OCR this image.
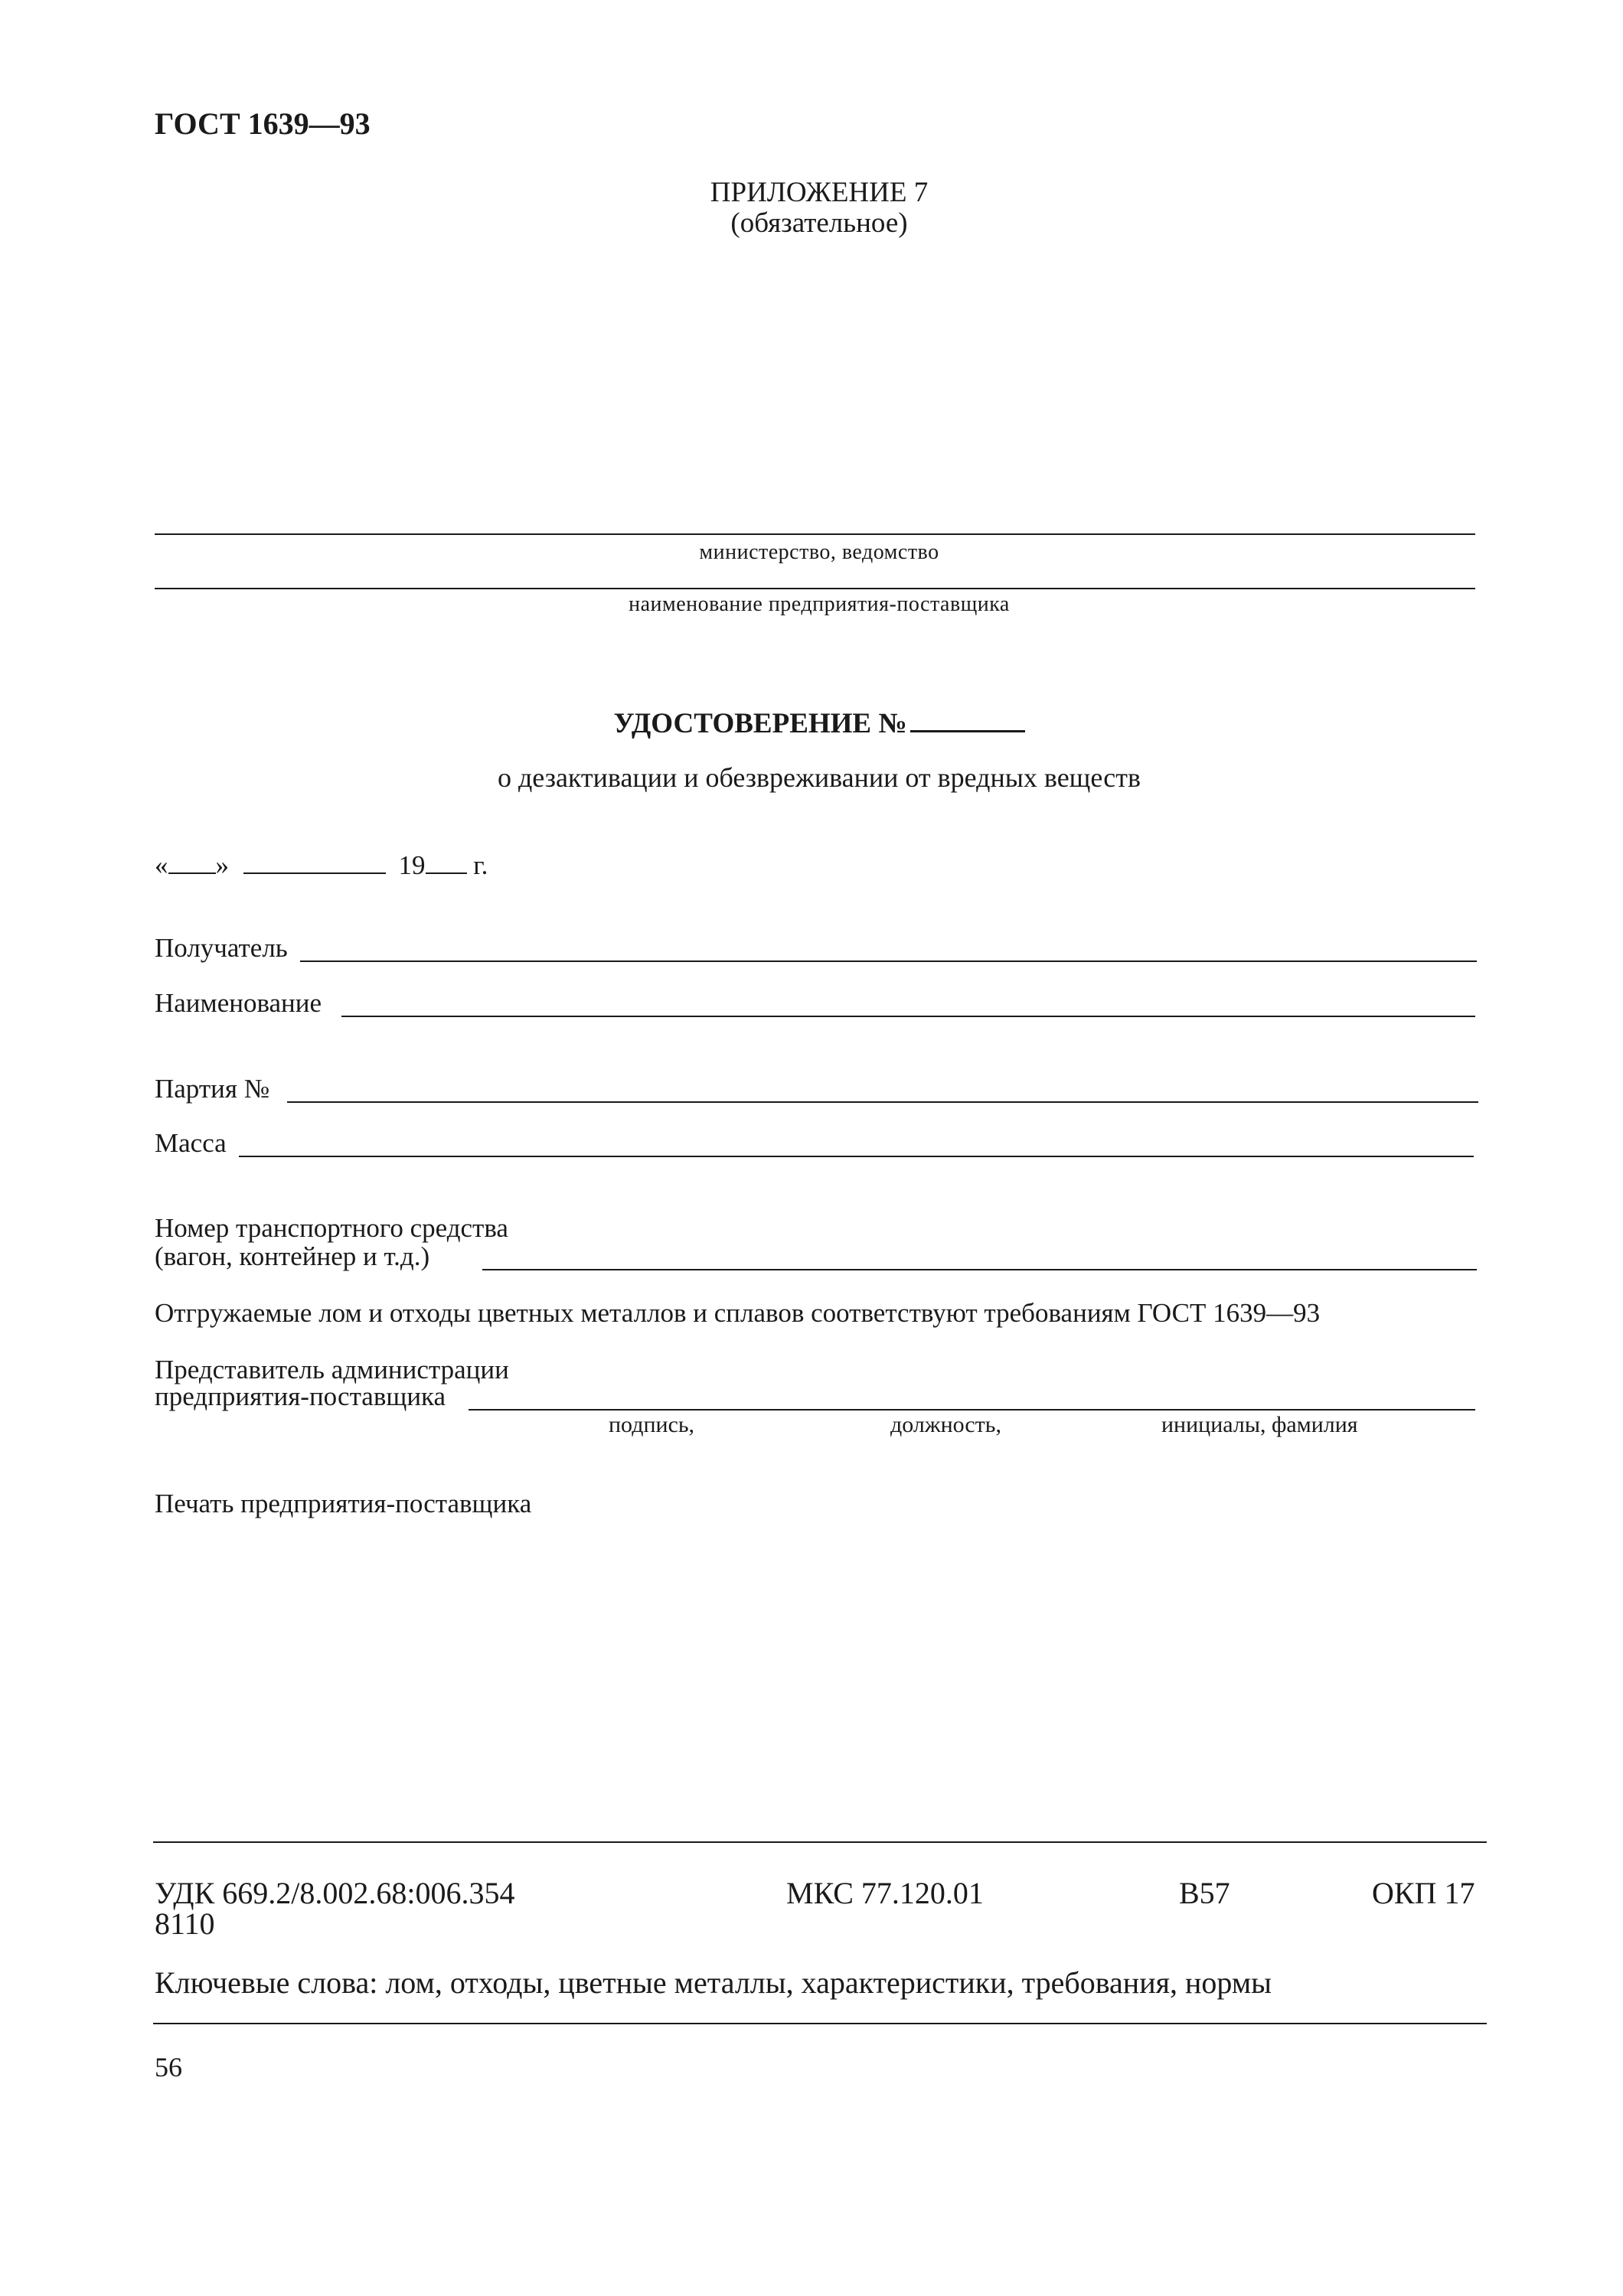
ГОСТ 1639—93
ПРИЛОЖЕНИЕ 7
(обязательное)
министерство, ведомство
наименование предприятия-поставщика
УДОСТОВЕРЕНИЕ №
о дезактивации и обезвреживании от вредных веществ
« »	19 г.
Получатель
Наименование
Партия №
Масса
Номер транспортного средства
(вагон, контейнер и т.д.)
Отгружаемые лом и отходы цветных металлов и сплавов соответствуют требованиям ГОСТ 1639—93
Представитель администрации
предприятия-поставщика
подпись,	должность,	инициалы, фамилия
Печать предприятия-поставщика
УДК 669.2/8.002.68:006.354
8110
МКС 77.120.01	В57	ОКП 17
Ключевые слова: лом, отходы, цветные металлы, характеристики, требования, нормы
56
